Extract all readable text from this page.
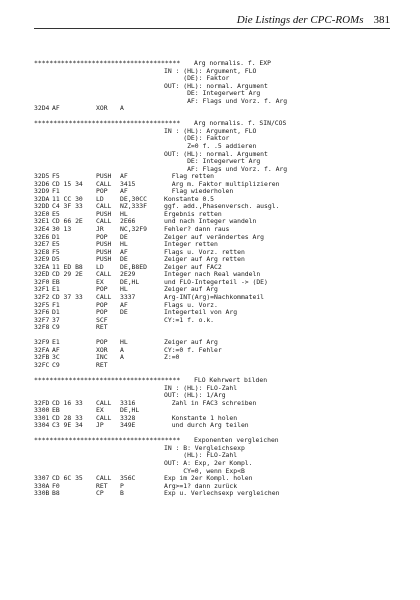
Die Listings der CPC-ROMs 381
**************************************	Arg normalis. f. EXP
IN : (HL): Argument, FLO
(DE): Faktor
OUT: (HL): normal. Argument
DE: Integerwert Arg
AF: Flags und Vorz. f. Arg
32D4 AF	XOR	A
**************************************	Arg normalis. f. SIN/COS
IN : (HL): Argument, FLO
(DE): Faktor
Z=0 f. .5 addieren
OUT: (HL): normal. Argument
DE: Integerwert Arg
AF: Flags und Vorz. f. Arg
32D5 F5	PUSH	AF	Flag retten
32D6 CD 15 34	CALL	3415	Arg m. Faktor multiplizieren
32D9 F1	POP	AF	Flag wiederholen
32DA 11 CC 30	LD	DE,30CC	Konstante 0.5
32DD C4 3F 33	CALL	NZ,333F	ggf. add.,Phasenversch. ausgl.
32E0 E5	PUSH	HL	Ergebnis retten
32E1 CD 66 2E	CALL	2E66	und nach Integer wandeln
32E4 30 13	JR	NC,32F9	Fehler? dann raus
32E6 D1	POP	DE	Zeiger auf verändertes Arg
32E7 E5	PUSH	HL	Integer retten
32E8 F5	PUSH	AF	Flags u. Vorz. retten
32E9 D5	PUSH	DE	Zeiger auf Arg retten
32EA 11 ED B8	LD	DE,B8ED	Zeiger auf FAC2
32ED CD 29 2E	CALL	2E29	Integer nach Real wandeln
32F0 EB	EX	DE,HL	und FLO-Integerteil -> (DE)
32F1 E1	POP	HL	Zeiger auf Arg
32F2 CD 37 33	CALL	3337	Arg-INT(Arg)=Nachkommateil
32F5 F1	POP	AF	Flags u. Vorz.
32F6 D1	POP	DE	Integerteil von Arg
32F7 37	SCF	CY:=1 f. o.k.
32F8 C9	RET
32F9 E1	POP	HL	Zeiger auf Arg
32FA AF	XOR	A	CY:=0 f. Fehler
32FB 3C	INC	A	Z:=0
32FC C9	RET
**************************************	FLO Kehrwert bilden
IN : (HL): FLO-Zahl
OUT: (HL): 1/Arg
32FD CD 16 33	CALL	3316	Zahl in FAC3 schreiben
3300 EB	EX	DE,HL
3301 CD 28 33	CALL	3328	Konstante 1 holen
3304 C3 9E 34	JP	349E	und durch Arg teilen
**************************************	Exponenten vergleichen
IN : B: Vergleichsexp
(HL): FLO-Zahl
OUT: A: Exp, 2er Kompl.
CY=0, wenn Exp<B
3307 CD 6C 35	CALL	356C	Exp im 2er Kompl. holen
330A F0	RET	P	Arg>=1? dann zurück
330B B8	CP	B	Exp u. Verlechsexp vergleichen
